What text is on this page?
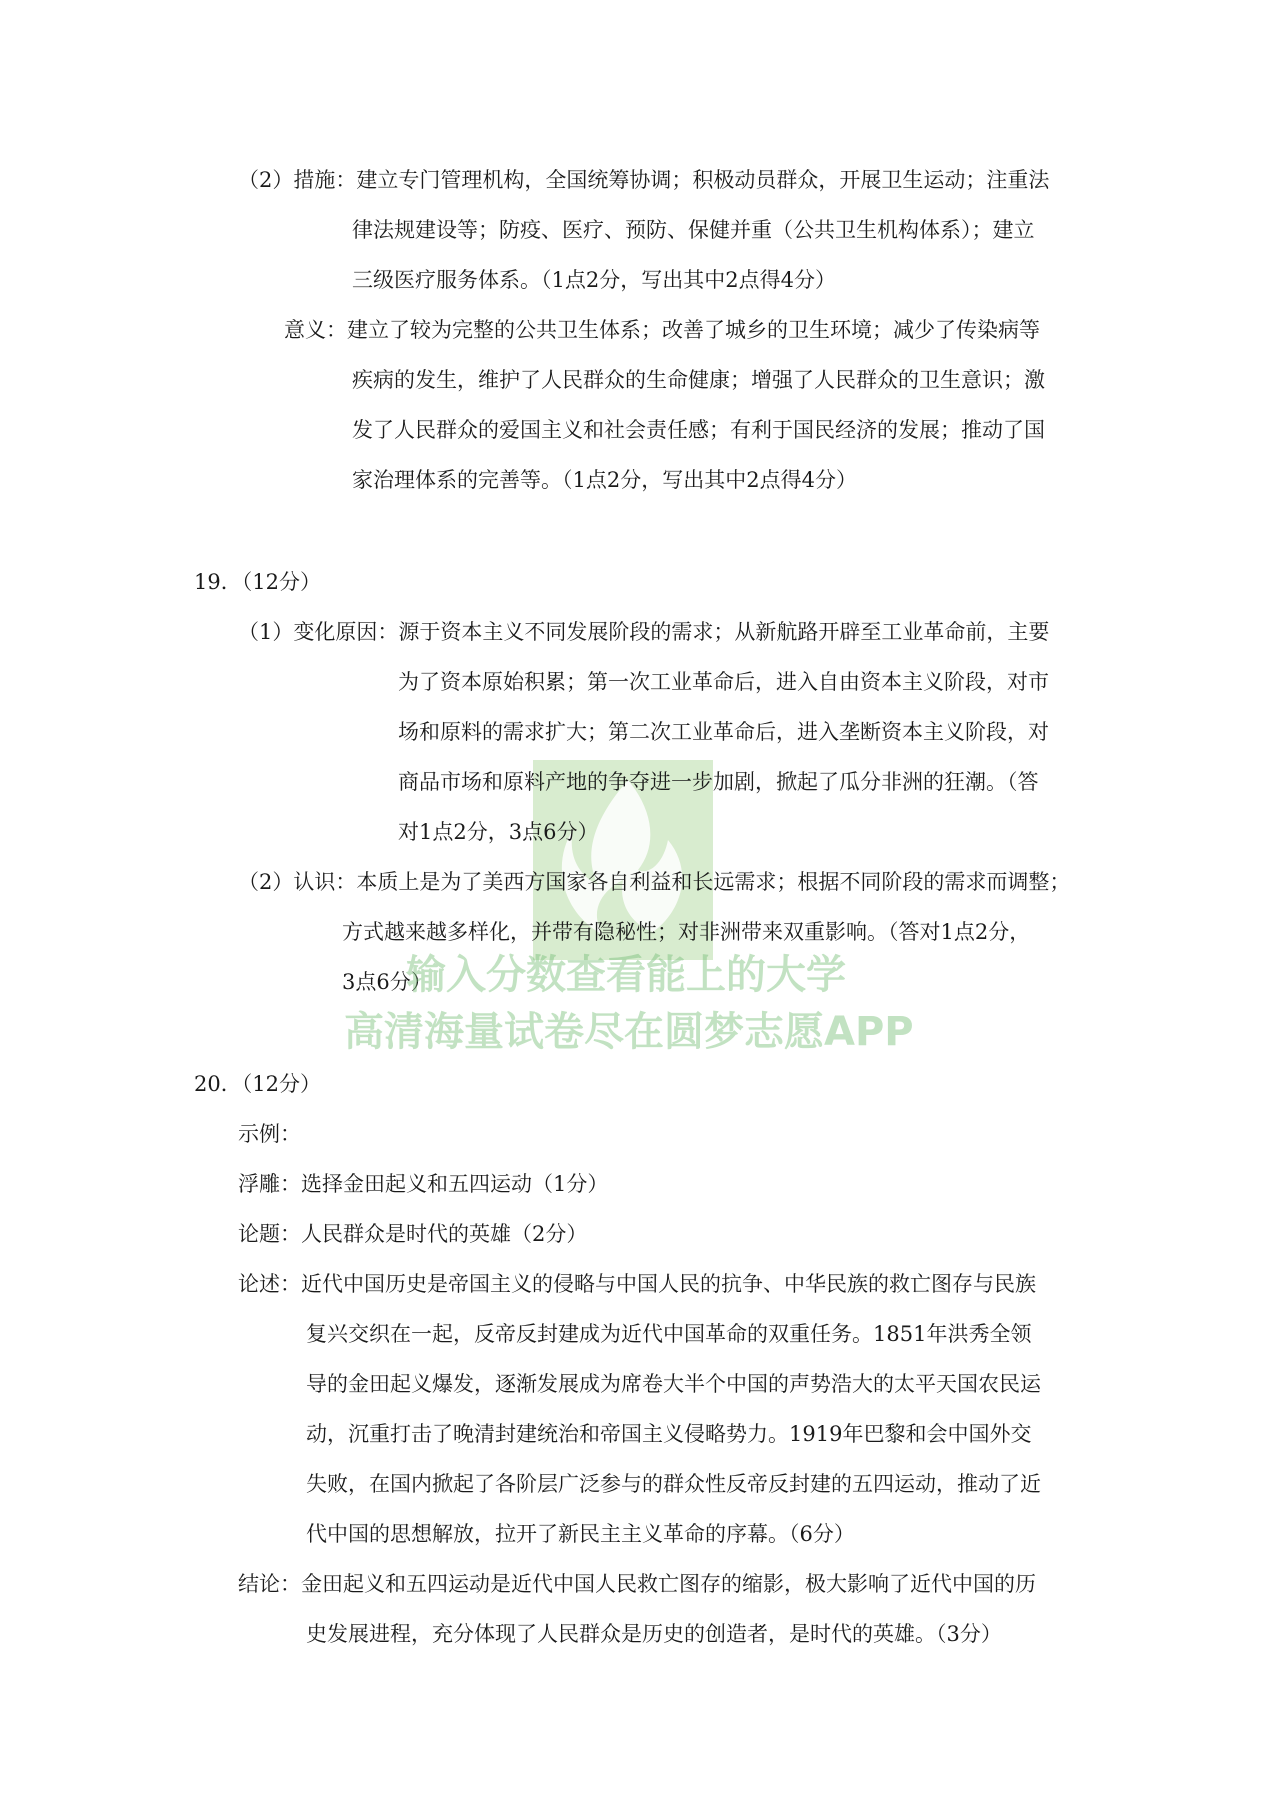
（2）措施：建立专门管理机构，全国统筹协调；积极动员群众，开展卫生运动；注重法
律法规建设等；防疫、医疗、预防、保健并重（公共卫生机构体系）；建立
三级医疗服务体系。（1点2分，写出其中2点得4分）
意义：建立了较为完整的公共卫生体系；改善了城乡的卫生环境；减少了传染病等
疾病的发生，维护了人民群众的生命健康；增强了人民群众的卫生意识；激
发了人民群众的爱国主义和社会责任感；有利于国民经济的发展；推动了国
家治理体系的完善等。（1点2分，写出其中2点得4分）
19．（12分）
（1）变化原因：源于资本主义不同发展阶段的需求；从新航路开辟至工业革命前，主要
为了资本原始积累；第一次工业革命后，进入自由资本主义阶段，对市
场和原料的需求扩大；第二次工业革命后，进入垄断资本主义阶段，对
商品市场和原料产地的争夺进一步加剧，掀起了瓜分非洲的狂潮。（答
对1点2分，3点6分）
（2）认识：本质上是为了美西方国家各自利益和长远需求；根据不同阶段的需求而调整；
方式越来越多样化，并带有隐秘性；对非洲带来双重影响。（答对1点2分，
3点6分）
20．（12分）
示例：
浮雕：选择金田起义和五四运动（1分）
论题：人民群众是时代的英雄（2分）
论述：近代中国历史是帝国主义的侵略与中国人民的抗争、中华民族的救亡图存与民族
复兴交织在一起，反帝反封建成为近代中国革命的双重任务。1851年洪秀全领
导的金田起义爆发，逐渐发展成为席卷大半个中国的声势浩大的太平天国农民运
动，沉重打击了晚清封建统治和帝国主义侵略势力。1919年巴黎和会中国外交
失败，在国内掀起了各阶层广泛参与的群众性反帝反封建的五四运动，推动了近
代中国的思想解放，拉开了新民主主义革命的序幕。（6分）
结论：金田起义和五四运动是近代中国人民救亡图存的缩影，极大影响了近代中国的历
史发展进程，充分体现了人民群众是历史的创造者，是时代的英雄。（3分）
输入分数查看能上的大学
高清海量试卷尽在圆梦志愿APP
